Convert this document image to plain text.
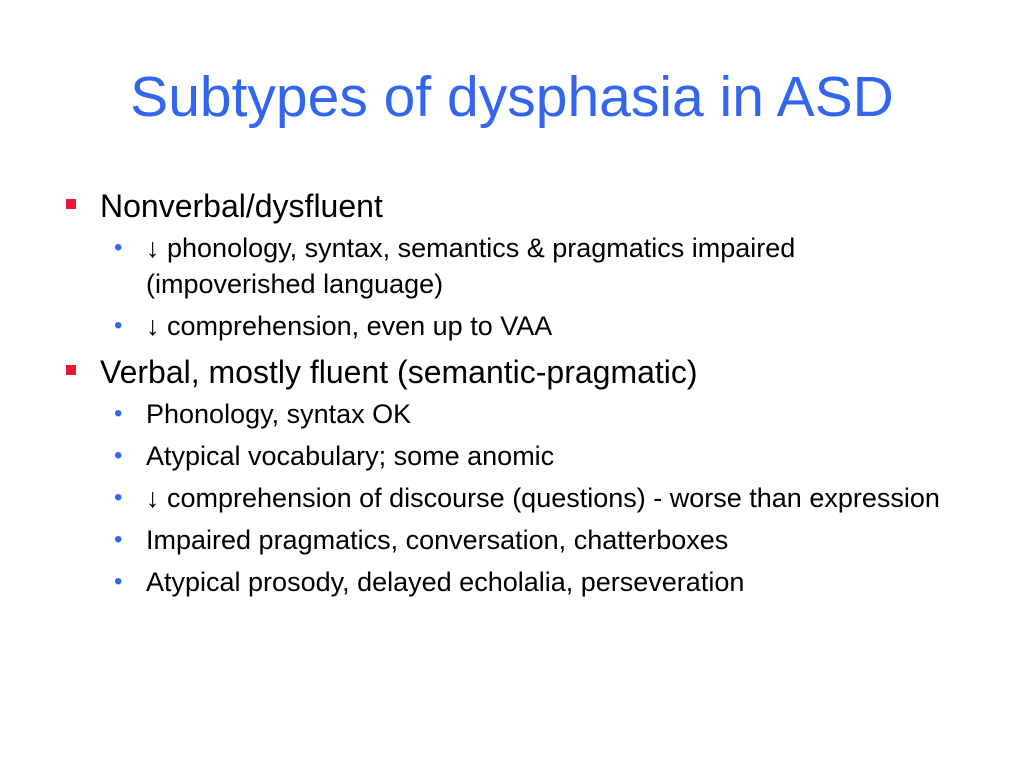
Subtypes of dysphasia in ASD
Nonverbal/dysfluent
• ↓ phonology, syntax, semantics & pragmatics impaired (impoverished language)
• ↓ comprehension, even up to VAA
Verbal, mostly fluent (semantic-pragmatic)
• Phonology, syntax OK
• Atypical vocabulary; some anomic
• ↓ comprehension of discourse (questions) - worse than expression
• Impaired pragmatics, conversation, chatterboxes
• Atypical prosody, delayed echolalia, perseveration
